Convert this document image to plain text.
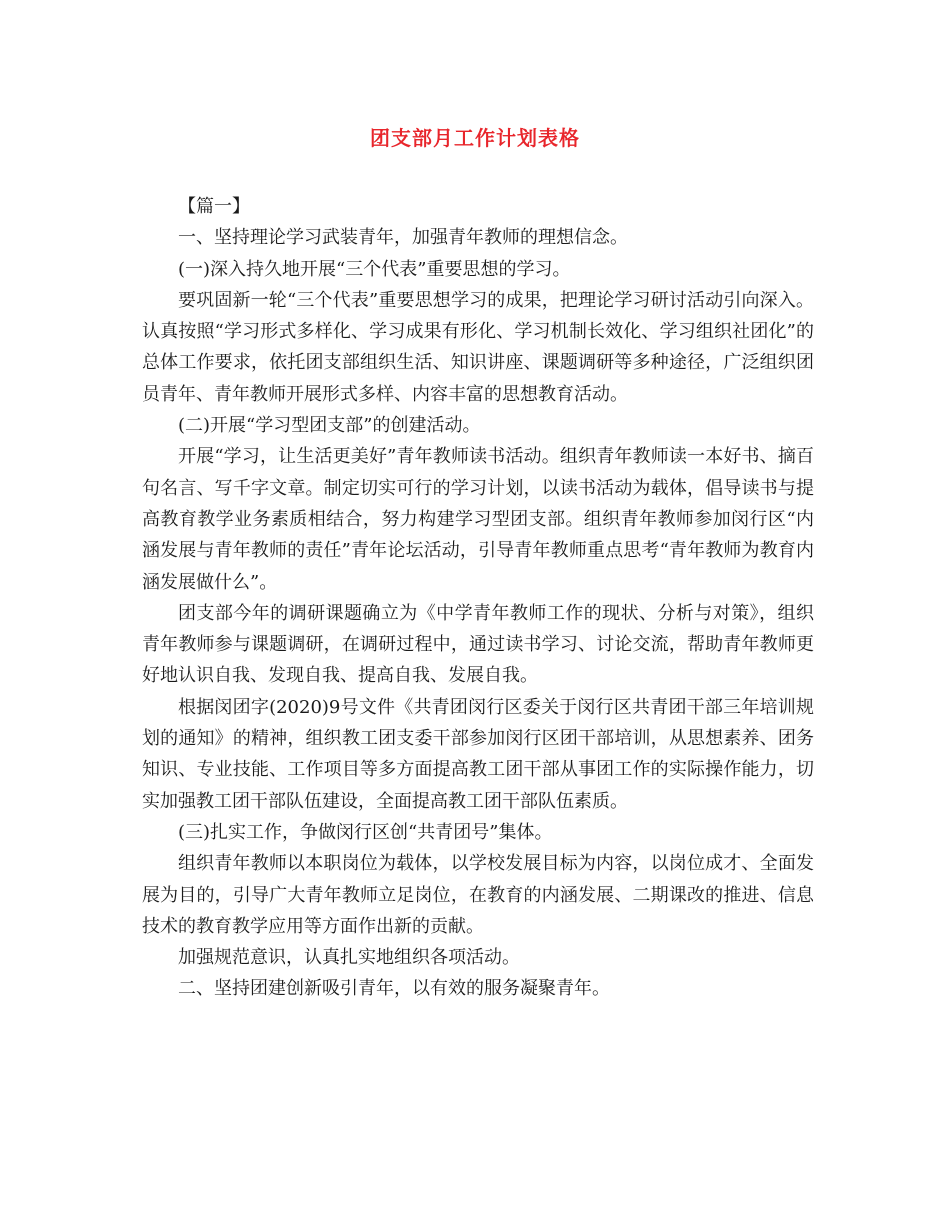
团支部月工作计划表格

【篇一】

一、坚持理论学习武装青年，加强青年教师的理想信念。

(一)深入持久地开展“三个代表”重要思想的学习。

要巩固新一轮“三个代表”重要思想学习的成果，把理论学习研讨活动引向深入。认真按照“学习形式多样化、学习成果有形化、学习机制长效化、学习组织社团化”的总体工作要求，依托团支部组织生活、知识讲座、课题调研等多种途径，广泛组织团员青年、青年教师开展形式多样、内容丰富的思想教育活动。

(二)开展“学习型团支部”的创建活动。

开展“学习，让生活更美好”青年教师读书活动。组织青年教师读一本好书、摘百句名言、写千字文章。制定切实可行的学习计划，以读书活动为载体，倡导读书与提高教育教学业务素质相结合，努力构建学习型团支部。组织青年教师参加闵行区“内涵发展与青年教师的责任”青年论坛活动，引导青年教师重点思考“青年教师为教育内涵发展做什么”。

团支部今年的调研课题确立为《中学青年教师工作的现状、分析与对策》，组织青年教师参与课题调研，在调研过程中，通过读书学习、讨论交流，帮助青年教师更好地认识自我、发现自我、提高自我、发展自我。

根据闵团字(2020)9号文件《共青团闵行区委关于闵行区共青团干部三年培训规划的通知》的精神，组织教工团支委干部参加闵行区团干部培训，从思想素养、团务知识、专业技能、工作项目等多方面提高教工团干部从事团工作的实际操作能力，切实加强教工团干部队伍建设，全面提高教工团干部队伍素质。

(三)扎实工作，争做闵行区创“共青团号”集体。

组织青年教师以本职岗位为载体，以学校发展目标为内容，以岗位成才、全面发展为目的，引导广大青年教师立足岗位，在教育的内涵发展、二期课改的推进、信息技术的教育教学应用等方面作出新的贡献。

加强规范意识，认真扎实地组织各项活动。

二、坚持团建创新吸引青年，以有效的服务凝聚青年。
